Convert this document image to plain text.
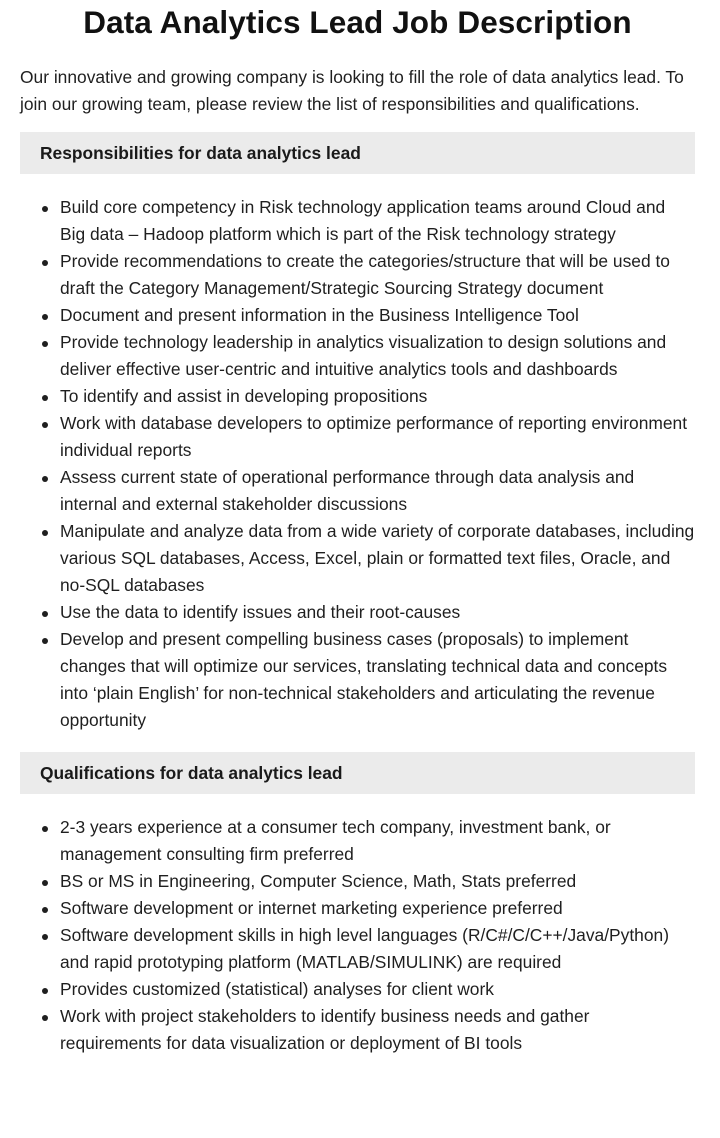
Data Analytics Lead Job Description

Our innovative and growing company is looking to fill the role of data analytics lead. To join our growing team, please review the list of responsibilities and qualifications.

Responsibilities for data analytics lead
Build core competency in Risk technology application teams around Cloud and Big data – Hadoop platform which is part of the Risk technology strategy
Provide recommendations to create the categories/structure that will be used to draft the Category Management/Strategic Sourcing Strategy document
Document and present information in the Business Intelligence Tool
Provide technology leadership in analytics visualization to design solutions and deliver effective user-centric and intuitive analytics tools and dashboards
To identify and assist in developing propositions
Work with database developers to optimize performance of reporting environment individual reports
Assess current state of operational performance through data analysis and internal and external stakeholder discussions
Manipulate and analyze data from a wide variety of corporate databases, including various SQL databases, Access, Excel, plain or formatted text files, Oracle, and no-SQL databases
Use the data to identify issues and their root-causes
Develop and present compelling business cases (proposals) to implement changes that will optimize our services, translating technical data and concepts into ‘plain English’ for non-technical stakeholders and articulating the revenue opportunity
Qualifications for data analytics lead
2-3 years experience at a consumer tech company, investment bank, or management consulting firm preferred
BS or MS in Engineering, Computer Science, Math, Stats preferred
Software development or internet marketing experience preferred
Software development skills in high level languages (R/C#/C/C++/Java/Python) and rapid prototyping platform (MATLAB/SIMULINK) are required
Provides customized (statistical) analyses for client work
Work with project stakeholders to identify business needs and gather requirements for data visualization or deployment of BI tools
